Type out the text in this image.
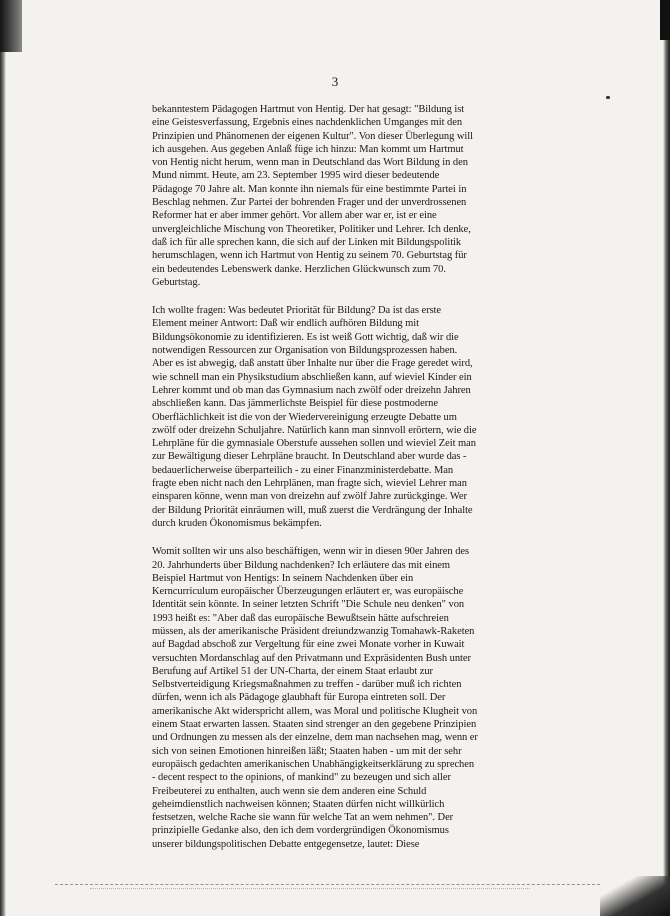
3

bekanntestem Pädagogen Hartmut von Hentig. Der hat gesagt: "Bildung ist
eine Geistesverfassung, Ergebnis eines nachdenklichen Umganges mit den
Prinzipien und Phänomenen der eigenen Kultur". Von dieser Überlegung will
ich ausgehen. Aus gegeben Anlaß füge ich hinzu: Man kommt um Hartmut
von Hentig nicht herum, wenn man in Deutschland das Wort Bildung in den
Mund nimmt. Heute, am 23. September 1995 wird dieser bedeutende
Pädagoge 70 Jahre alt. Man konnte ihn niemals für eine bestimmte Partei in
Beschlag nehmen. Zur Partei der bohrenden Frager und der unverdrossenen
Reformer hat er aber immer gehört. Vor allem aber war er, ist er eine
unvergleichliche Mischung von Theoretiker, Politiker und Lehrer. Ich denke,
daß ich für alle sprechen kann, die sich auf der Linken mit Bildungspolitik
herumschlagen, wenn ich Hartmut von Hentig zu seinem 70. Geburtstag für
ein bedeutendes Lebenswerk danke. Herzlichen Glückwunsch zum 70.
Geburtstag.

Ich wollte fragen: Was bedeutet Priorität für Bildung? Da ist das erste
Element meiner Antwort: Daß wir endlich aufhören Bildung mit
Bildungsökonomie zu identifizieren. Es ist weiß Gott wichtig, daß wir die
notwendigen Ressourcen zur Organisation von Bildungsprozessen haben.
Aber es ist abwegig, daß anstatt über Inhalte nur über die Frage geredet wird,
wie schnell man ein Physikstudium abschließen kann, auf wieviel Kinder ein
Lehrer kommt und ob man das Gymnasium nach zwölf oder dreizehn Jahren
abschließen kann. Das jämmerlichste Beispiel für diese postmoderne
Oberflächlichkeit ist die von der Wiedervereinigung erzeugte Debatte um
zwölf oder dreizehn Schuljahre. Natürlich kann man sinnvoll erörtern, wie die
Lehrpläne für die gymnasiale Oberstufe aussehen sollen und wieviel Zeit man
zur Bewältigung dieser Lehrpläne braucht. In Deutschland aber wurde das -
bedauerlicherweise überparteilich - zu einer Finanzministerdebatte. Man
fragte eben nicht nach den Lehrplänen, man fragte sich, wieviel Lehrer man
einsparen könne, wenn man von dreizehn auf zwölf Jahre zurückginge. Wer
der Bildung Priorität einräumen will, muß zuerst die Verdrängung der Inhalte
durch kruden Ökonomismus bekämpfen.

Womit sollten wir uns also beschäftigen, wenn wir in diesen 90er Jahren des
20. Jahrhunderts über Bildung nachdenken? Ich erläutere das mit einem
Beispiel Hartmut von Hentigs: In seinem Nachdenken über ein
Kerncurriculum europäischer Überzeugungen erläutert er, was europäische
Identität sein könnte. In seiner letzten Schrift "Die Schule neu denken" von
1993 heißt es: "Aber daß das europäische Bewußtsein hätte aufschreien
müssen, als der amerikanische Präsident dreiundzwanzig Tomahawk-Raketen
auf Bagdad abschoß zur Vergeltung für eine zwei Monate vorher in Kuwait
versuchten Mordanschlag auf den Privatmann und Expräsidenten Bush unter
Berufung auf Artikel 51 der UN-Charta, der einem Staat erlaubt zur
Selbstverteidigung Kriegsmaßnahmen zu treffen - darüber muß ich richten
dürfen, wenn ich als Pädagoge glaubhaft für Europa eintreten soll. Der
amerikanische Akt widerspricht allem, was Moral und politische Klugheit von
einem Staat erwarten lassen. Staaten sind strenger an den gegebene Prinzipien
und Ordnungen zu messen als der einzelne, dem man nachsehen mag, wenn er
sich von seinen Emotionen hinreißen läßt; Staaten haben - um mit der sehr
europäisch gedachten amerikanischen Unabhängigkeitserklärung zu sprechen
- decent respect to the opinions, of mankind" zu bezeugen und sich aller
Freibeuterei zu enthalten, auch wenn sie dem anderen eine Schuld
geheimdienstlich nachweisen können; Staaten dürfen nicht willkürlich
festsetzen, welche Rache sie wann für welche Tat an wem nehmen". Der
prinzipielle Gedanke also, den ich dem vordergründigen Ökonomismus
unserer bildungspolitischen Debatte entgegensetze, lautet: Diese
